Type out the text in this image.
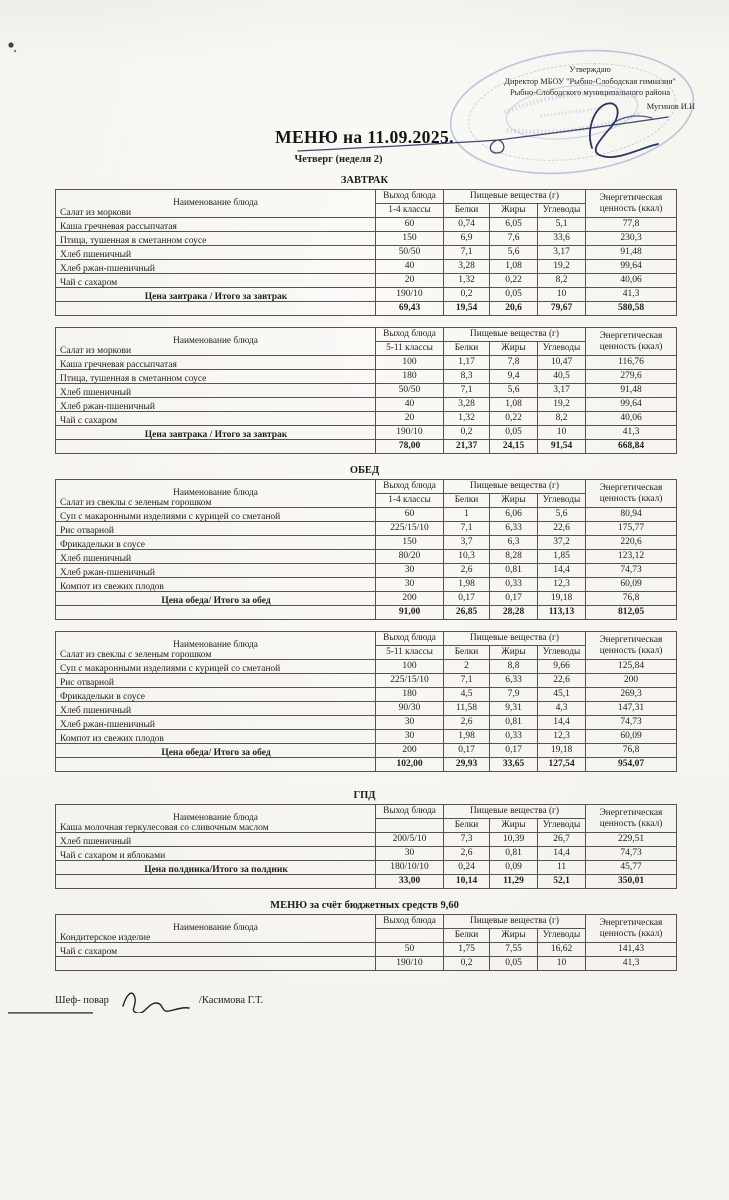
Утверждаю
Директор МБОУ "Рыбно-Слободская гимназия"
Рыбно-Слободского муниципального района
Мугинов И.И
МЕНЮ на 11.09.2025.
Четверг (неделя 2)
ЗАВТРАК
Наименование блюда	Выход блюда	Пищевые вещества (г)			Энергетическая ценность (ккал)
	1-4 классы	Белки	Жиры	Углеводы	
Салат из моркови	60	0,74	6,05	5,1	77,8
Каша гречневая рассыпчатая	150	6,9	7,6	33,6	230,3
Птица, тушенная в сметанном соусе	50/50	7,1	5,6	3,17	91,48
Хлеб пшеничный	40	3,28	1,08	19,2	99,64
Хлеб ржан-пшеничный	20	1,32	0,22	8,2	40,06
Чай с сахаром	190/10	0,2	0,05	10	41,3
Цена завтрака / Итого за завтрак	69,43	19,54	20,6	79,67	580,58
Наименование блюда	Выход блюда	Пищевые вещества (г)			Энергетическая ценность (ккал)
	5-11 классы	Белки	Жиры	Углеводы	
Салат из моркови	100	1,17	7,8	10,47	116,76
Каша гречневая рассыпчатая	180	8,3	9,4	40,5	279,6
Птица, тушенная в сметанном соусе	50/50	7,1	5,6	3,17	91,48
Хлеб пшеничный	40	3,28	1,08	19,2	99,64
Хлеб ржан-пшеничный	20	1,32	0,22	8,2	40,06
Чай с сахаром	190/10	0,2	0,05	10	41,3
Цена завтрака / Итого за завтрак	78,00	21,37	24,15	91,54	668,84
ОБЕД
Наименование блюда	Выход блюда	Пищевые вещества (г)			Энергетическая ценность (ккал)
	1-4 классы	Белки	Жиры	Углеводы	
Салат из свеклы с зеленым горошком	60	1	6,06	5,6	80,94
Суп с макаронными изделиями с курицей со сметаной	225/15/10	7,1	6,33	22,6	175,77
Рис отварной	150	3,7	6,3	37,2	220,6
Фрикадельки в соусе	80/20	10,3	8,28	1,85	123,12
Хлеб пшеничный	30	2,6	0,81	14,4	74,73
Хлеб ржан-пшеничный	30	1,98	0,33	12,3	60,09
Компот из свежих плодов	200	0,17	0,17	19,18	76,8
Цена обеда/ Итого за обед	91,00	26,85	28,28	113,13	812,05
Наименование блюда	Выход блюда	Пищевые вещества (г)			Энергетическая ценность (ккал)
	5-11 классы	Белки	Жиры	Углеводы	
Салат из свеклы с зеленым горошком	100	2	8,8	9,66	125,84
Суп с макаронными изделиями с курицей со сметаной	225/15/10	7,1	6,33	22,6	200
Рис отварной	180	4,5	7,9	45,1	269,3
Фрикадельки в соусе	90/30	11,58	9,31	4,3	147,31
Хлеб пшеничный	30	2,6	0,81	14,4	74,73
Хлеб ржан-пшеничный	30	1,98	0,33	12,3	60,09
Компот из свежих плодов	200	0,17	0,17	19,18	76,8
Цена обеда/ Итого за обед	102,00	29,93	33,65	127,54	954,07
ГПД
Наименование блюда	Выход блюда	Пищевые вещества (г)			Энергетическая ценность (ккал)
		Белки	Жиры	Углеводы	
Каша молочная геркулесовая со сливочным маслом	200/5/10	7,3	10,39	26,7	229,51
Хлеб пшеничный	30	2,6	0,81	14,4	74,73
Чай с сахаром и яблоками	180/10/10	0,24	0,09	11	45,77
Цена полдника/Итого за полдник	33,00	10,14	11,29	52,1	350,01
МЕНЮ за счёт бюджетных средств 9,60
Наименование блюда	Выход блюда	Пищевые вещества (г)			Энергетическая ценность (ккал)
		Белки	Жиры	Углеводы	
Кондитерское изделие	50	1,75	7,55	16,62	141,43
Чай с сахаром	190/10	0,2	0,05	10	41,3
Шеф- повар	/Касимова Г.Т.
